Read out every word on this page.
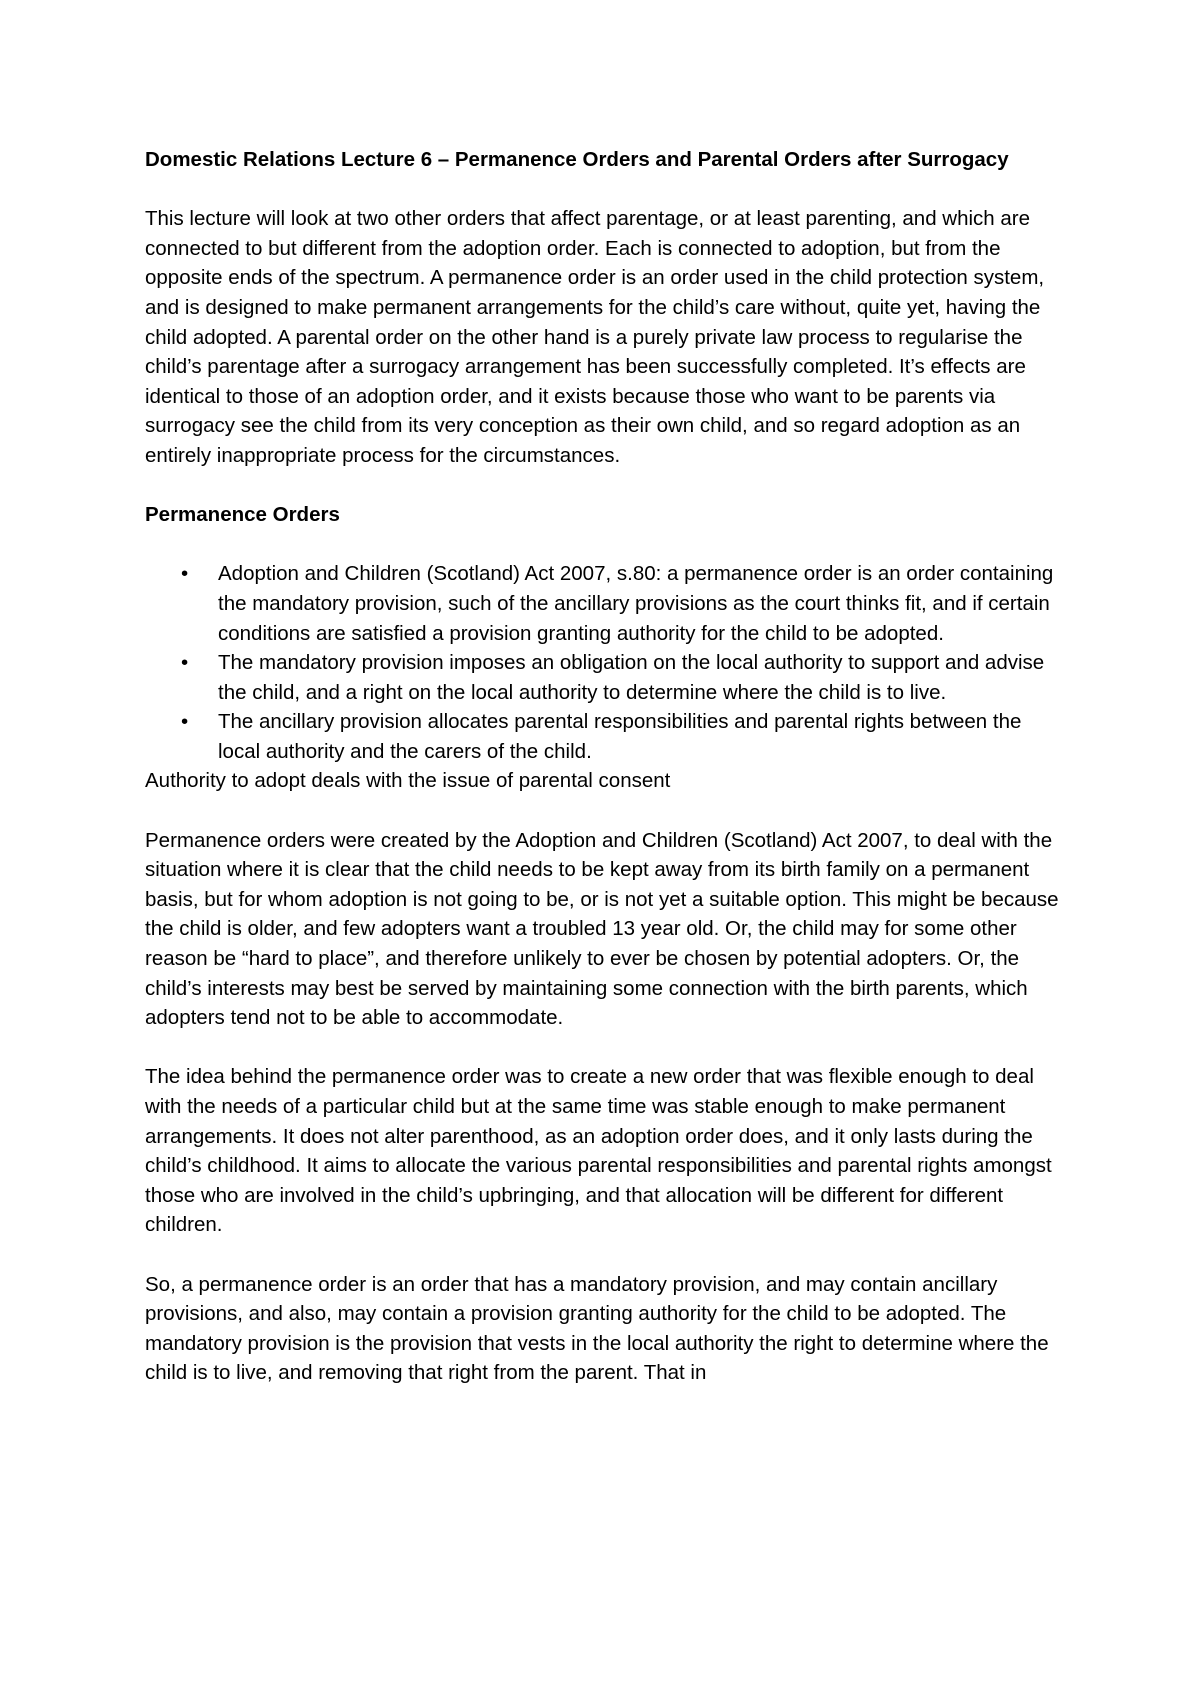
Domestic Relations Lecture 6 – Permanence Orders and Parental Orders after Surrogacy

This lecture will look at two other orders that affect parentage, or at least parenting, and which are connected to but different from the adoption order. Each is connected to adoption, but from the opposite ends of the spectrum. A permanence order is an order used in the child protection system, and is designed to make permanent arrangements for the child’s care without, quite yet, having the child adopted. A parental order on the other hand is a purely private law process to regularise the child’s parentage after a surrogacy arrangement has been successfully completed. It’s effects are identical to those of an adoption order, and it exists because those who want to be parents via surrogacy see the child from its very conception as their own child, and so regard adoption as an entirely inappropriate process for the circumstances.

Permanence Orders

•	Adoption and Children (Scotland) Act 2007, s.80: a permanence order is an order containing the mandatory provision, such of the ancillary provisions as the court thinks fit, and if certain conditions are satisfied a provision granting authority for the child to be adopted.
•	The mandatory provision imposes an obligation on the local authority to support and advise the child, and a right on the local authority to determine where the child is to live.
•	The ancillary provision allocates parental responsibilities and parental rights between the local authority and the carers of the child.

Authority to adopt deals with the issue of parental consent

Permanence orders were created by the Adoption and Children (Scotland) Act 2007, to deal with the situation where it is clear that the child needs to be kept away from its birth family on a permanent basis, but for whom adoption is not going to be, or is not yet a suitable option. This might be because the child is older, and few adopters want a troubled 13 year old. Or, the child may for some other reason be “hard to place”, and therefore unlikely to ever be chosen by potential adopters. Or, the child’s interests may best be served by maintaining some connection with the birth parents, which adopters tend not to be able to accommodate.

The idea behind the permanence order was to create a new order that was flexible enough to deal with the needs of a particular child but at the same time was stable enough to make permanent arrangements. It does not alter parenthood, as an adoption order does, and it only lasts during the child’s childhood. It aims to allocate the various parental responsibilities and parental rights amongst those who are involved in the child’s upbringing, and that allocation will be different for different children.

So, a permanence order is an order that has a mandatory provision, and may contain ancillary provisions, and also, may contain a provision granting authority for the child to be adopted. The mandatory provision is the provision that vests in the local authority the right to determine where the child is to live, and removing that right from the parent. That in
